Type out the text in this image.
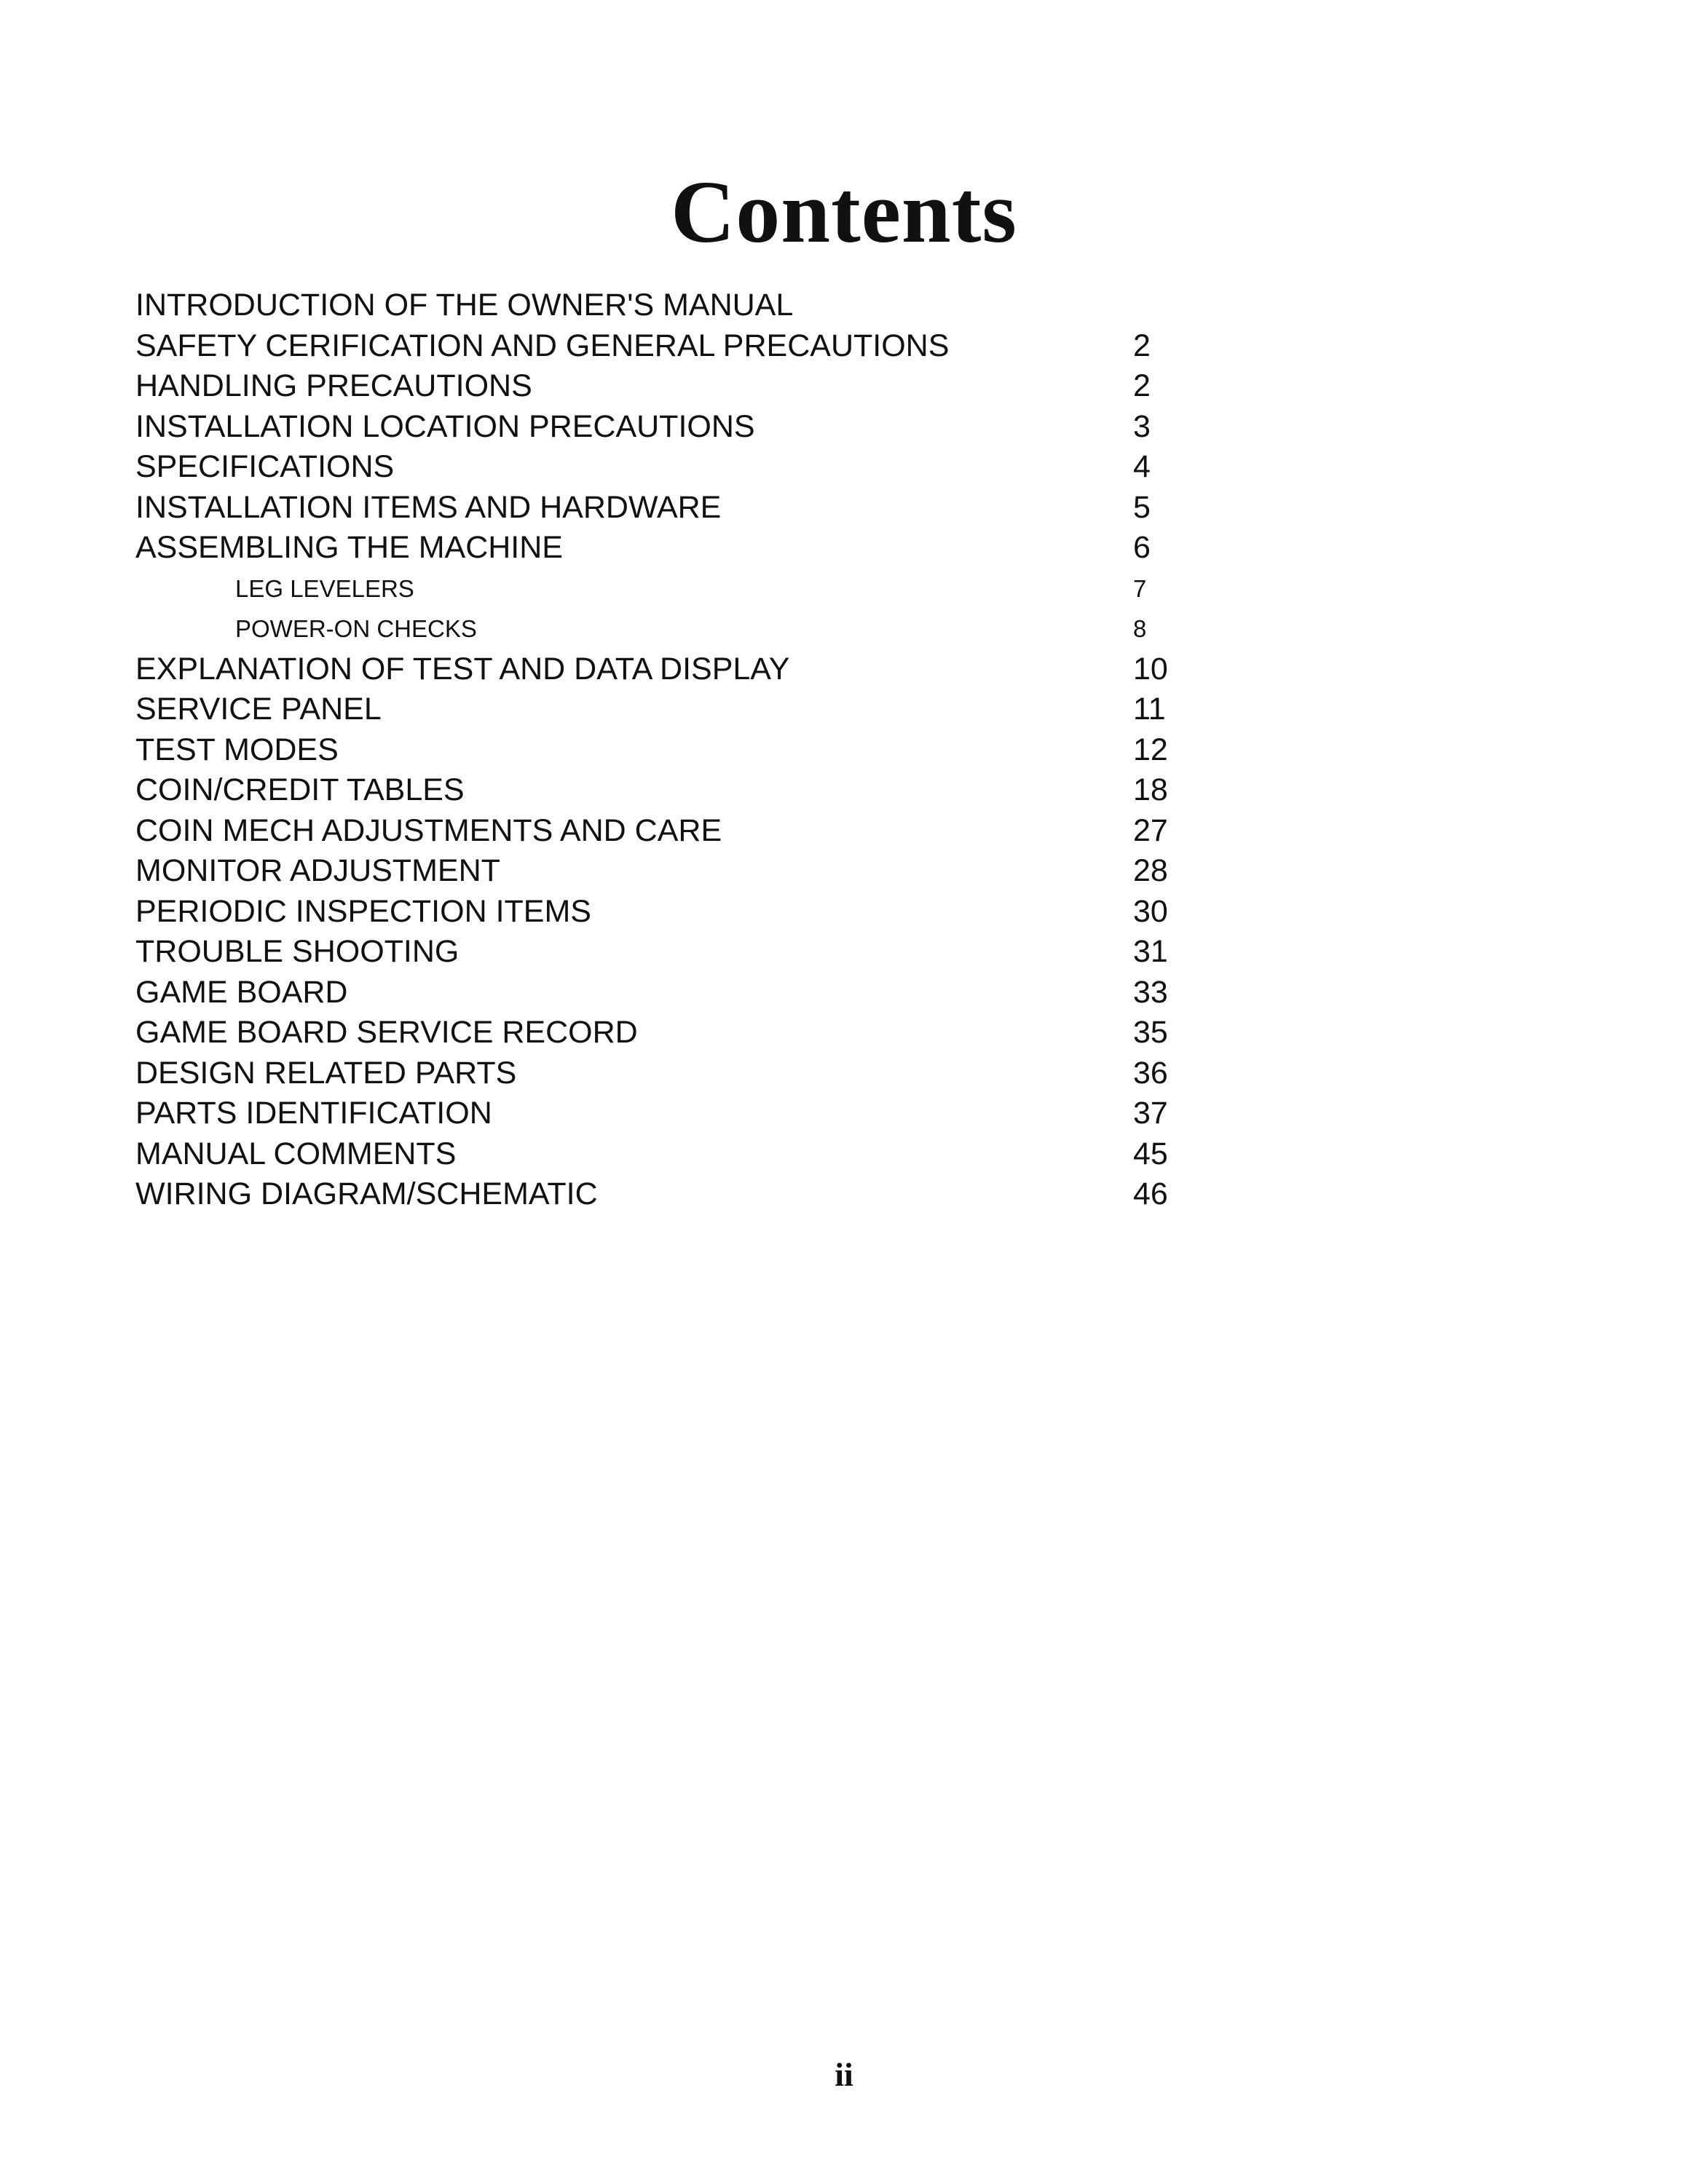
Contents
INTRODUCTION OF THE OWNER'S MANUAL
SAFETY CERIFICATION AND GENERAL PRECAUTIONS	2
HANDLING PRECAUTIONS	2
INSTALLATION LOCATION PRECAUTIONS	3
SPECIFICATIONS	4
INSTALLATION ITEMS AND HARDWARE	5
ASSEMBLING THE MACHINE	6
LEG LEVELERS	7
POWER-ON CHECKS	8
EXPLANATION OF TEST AND DATA DISPLAY	10
SERVICE PANEL	11
TEST MODES	12
COIN/CREDIT TABLES	18
COIN MECH ADJUSTMENTS AND CARE	27
MONITOR ADJUSTMENT	28
PERIODIC INSPECTION ITEMS	30
TROUBLE SHOOTING	31
GAME BOARD	33
GAME BOARD SERVICE RECORD	35
DESIGN RELATED PARTS	36
PARTS IDENTIFICATION	37
MANUAL COMMENTS	45
WIRING DIAGRAM/SCHEMATIC	46
ii
